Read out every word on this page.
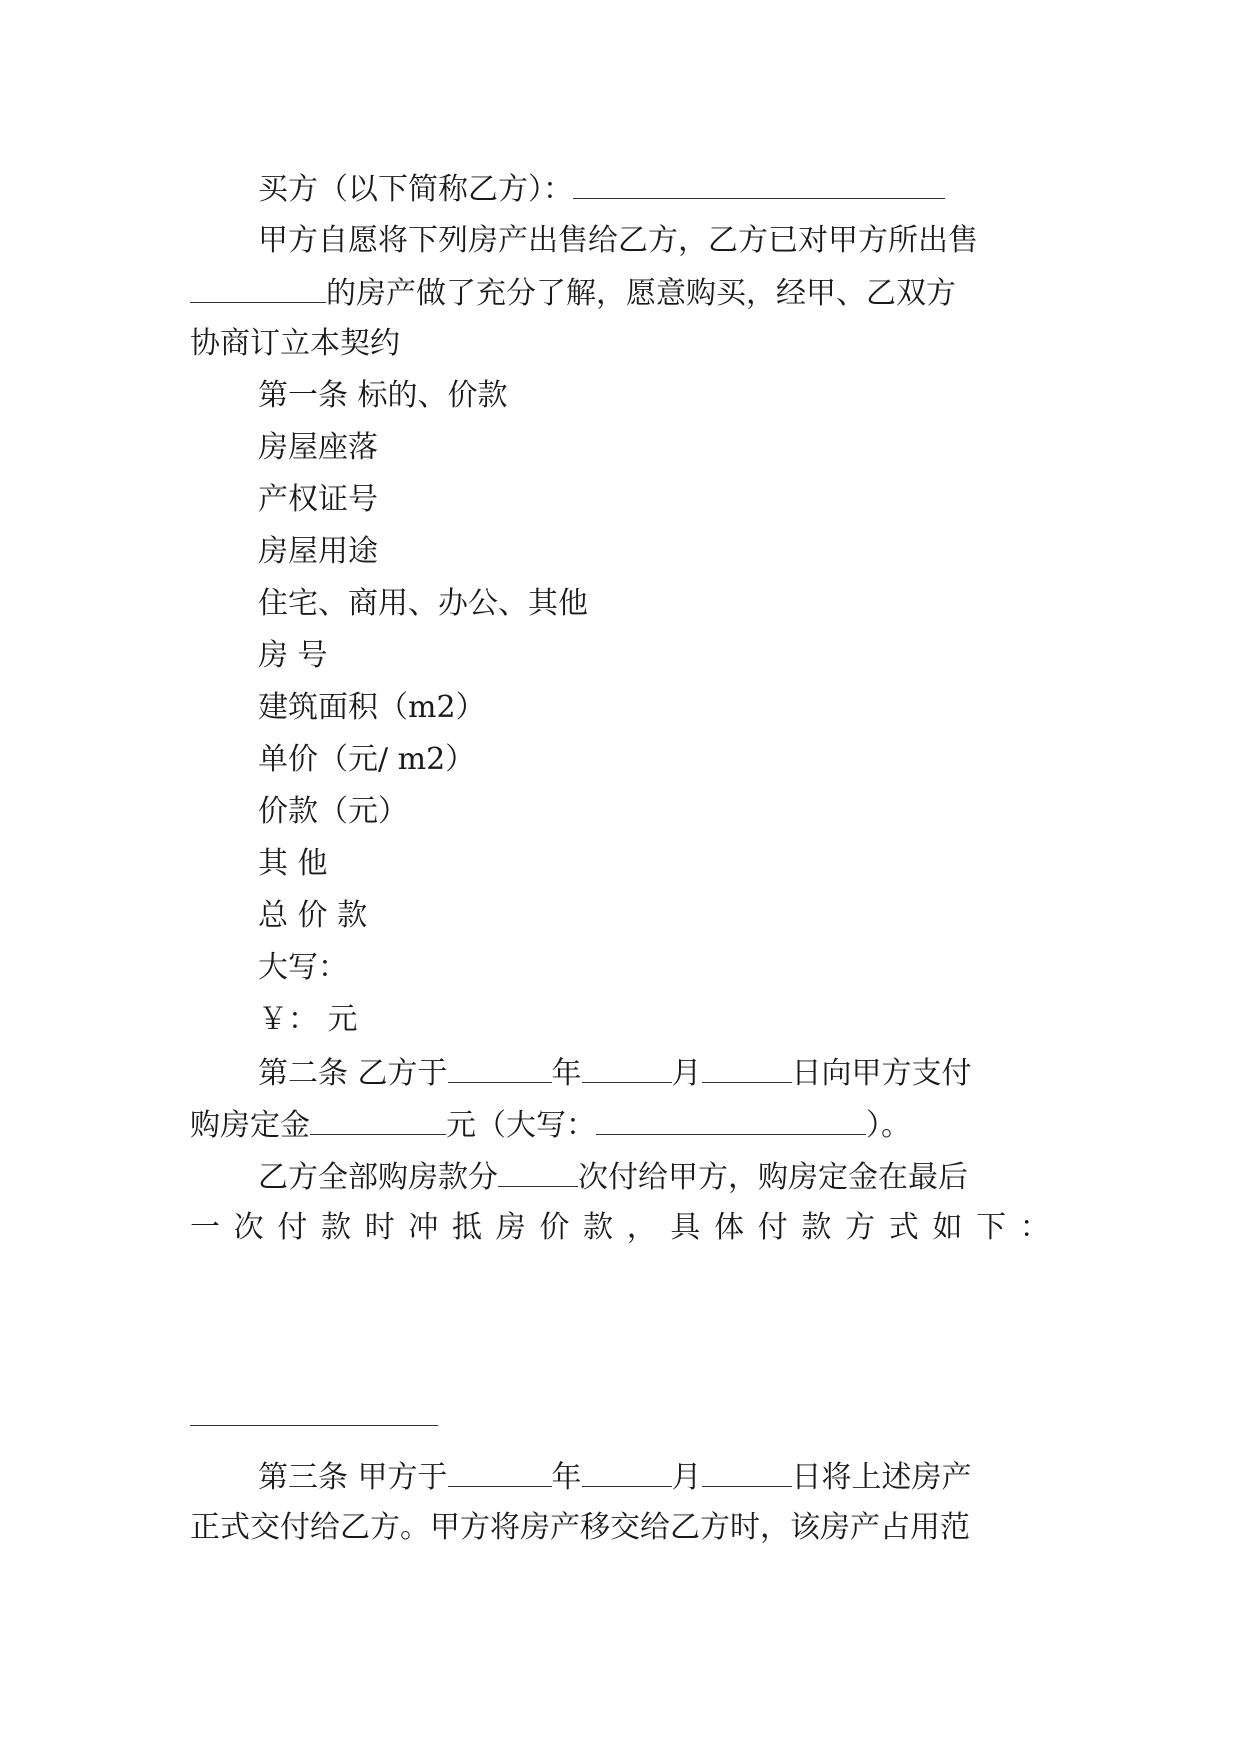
买方（以下简称乙方）：
甲方自愿将下列房产出售给乙方，乙方已对甲方所出售
的房产做了充分了解，愿意购买，经甲、乙双方
协商订立本契约
第一条 标的、价款
房屋座落
产权证号
房屋用途
住宅、商用、办公、其他
房 号
建筑面积（m2）
单价（元/ m2）
价款（元）
其 他
总 价 款
大写：
￥： 元
第二条 乙方于	年	月	日向甲方支付
购房定金	元（大写：	）。
乙方全部购房款分	次付给甲方，购房定金在最后
一 次 付 款 时 冲 抵 房 价 款 ， 具 体 付 款 方 式 如 下 ：
第三条 甲方于	年	月	日将上述房产
正式交付给乙方。甲方将房产移交给乙方时，该房产占用范
